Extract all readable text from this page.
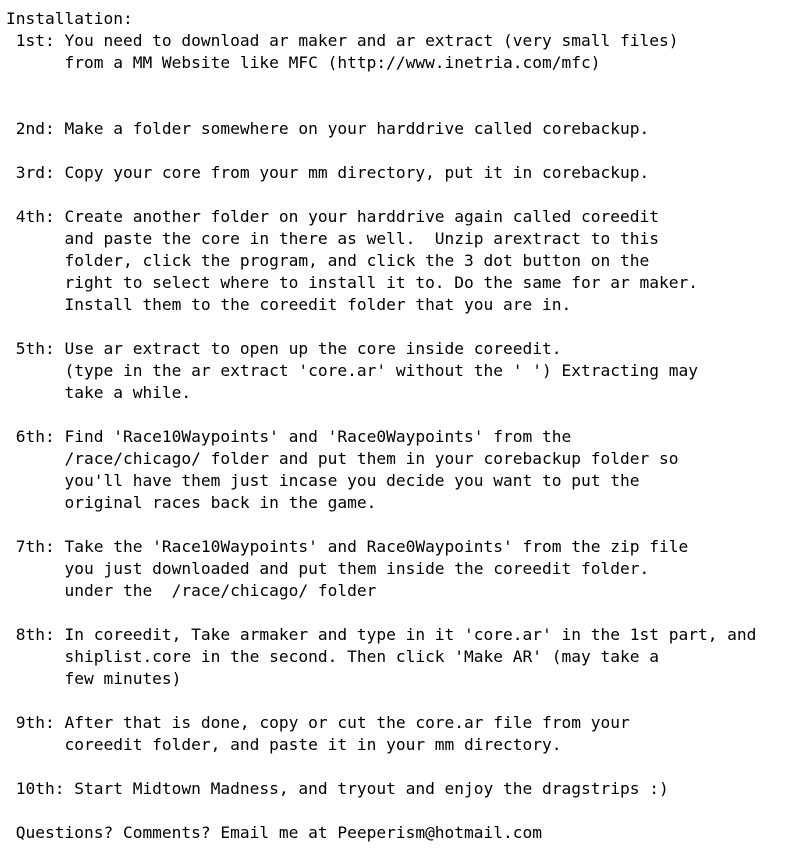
Installation:
1st: You need to download ar maker and ar extract (very small files)
from a MM Website like MFC (http://www.inetria.com/mfc)
2nd: Make a folder somewhere on your harddrive called corebackup.
3rd: Copy your core from your mm directory, put it in corebackup.
4th: Create another folder on your harddrive again called coreedit
and paste the core in there as well.  Unzip arextract to this
folder, click the program, and click the 3 dot button on the
right to select where to install it to. Do the same for ar maker.
Install them to the coreedit folder that you are in.
5th: Use ar extract to open up the core inside coreedit.
(type in the ar extract 'core.ar' without the ' ') Extracting may
take a while.
6th: Find 'Race10Waypoints' and 'Race0Waypoints' from the
/race/chicago/ folder and put them in your corebackup folder so
you'll have them just incase you decide you want to put the
original races back in the game.
7th: Take the 'Race10Waypoints' and Race0Waypoints' from the zip file
you just downloaded and put them inside the coreedit folder.
under the  /race/chicago/ folder
8th: In coreedit, Take armaker and type in it 'core.ar' in the 1st part, and
shiplist.core in the second. Then click 'Make AR' (may take a
few minutes)
9th: After that is done, copy or cut the core.ar file from your
coreedit folder, and paste it in your mm directory.
10th: Start Midtown Madness, and tryout and enjoy the dragstrips :)
Questions? Comments? Email me at Peeperism@hotmail.com
